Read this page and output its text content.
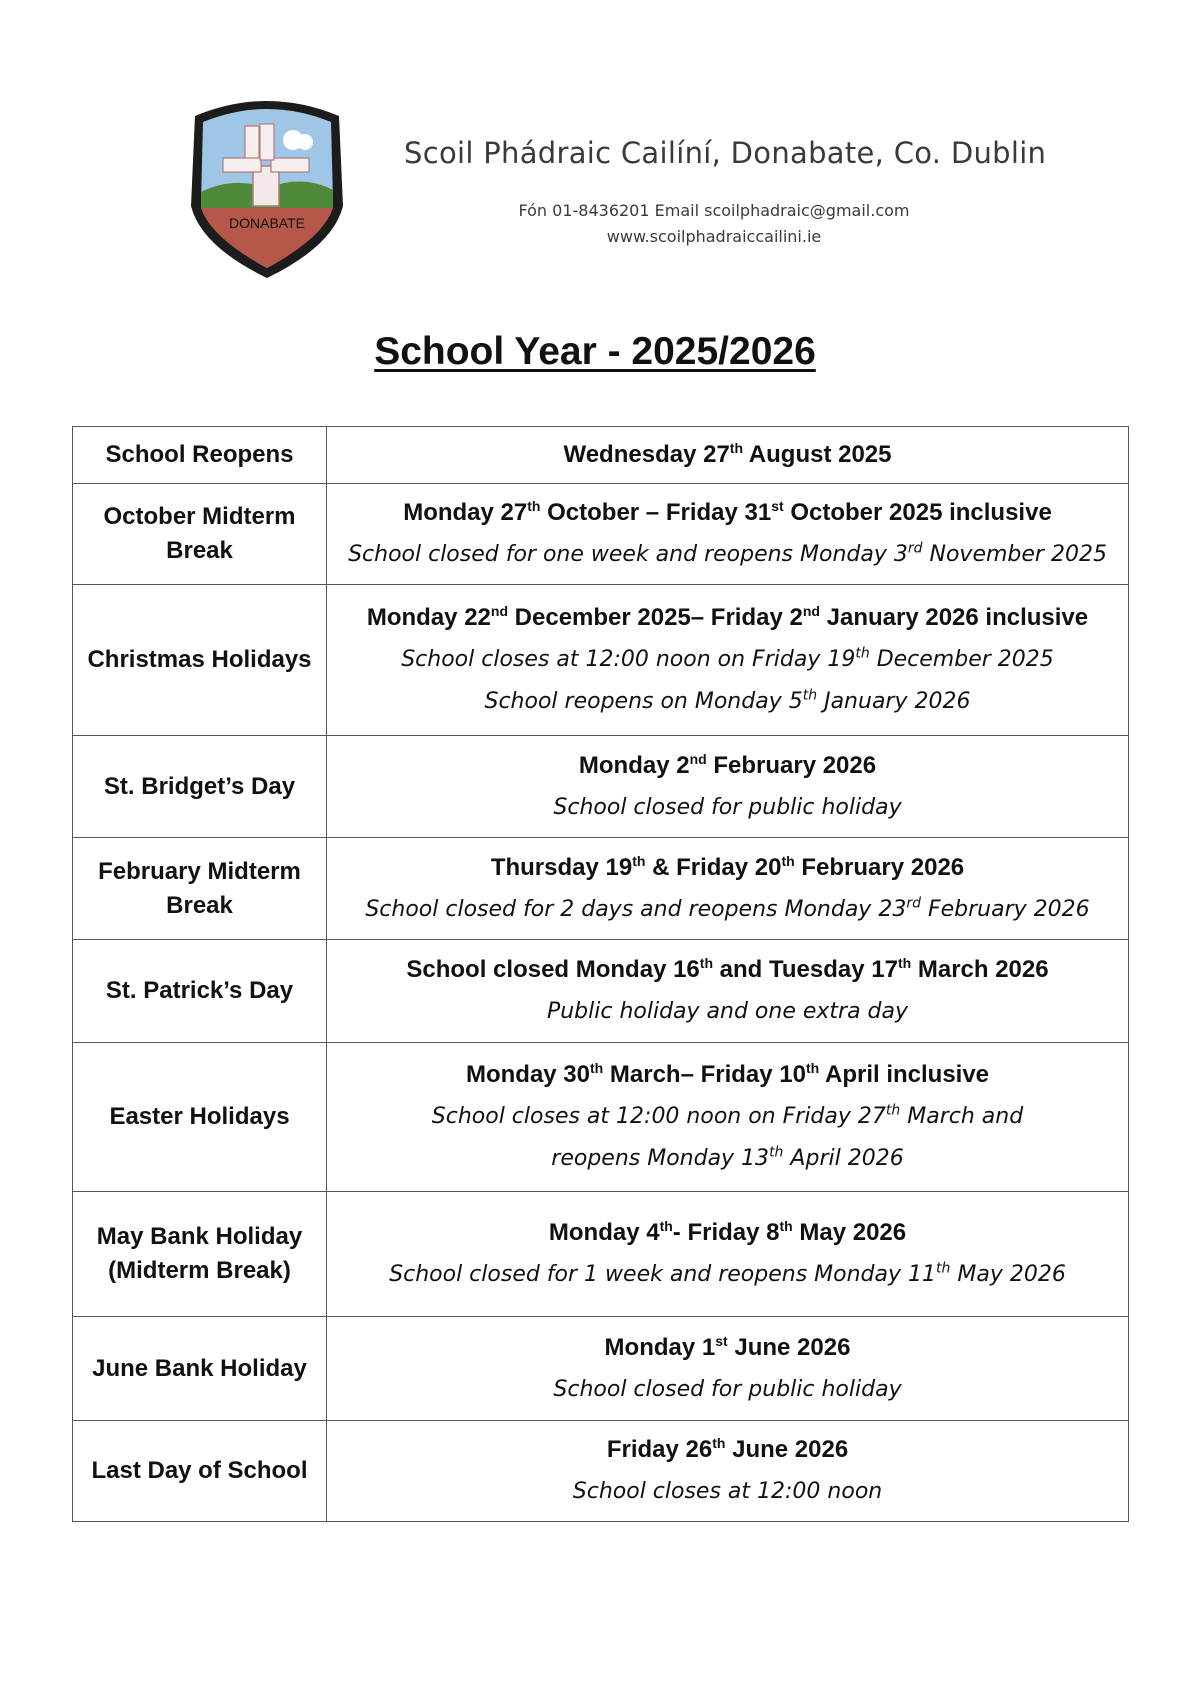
DONABATE
Scoil Phádraic Cailíní, Donabate, Co. Dublin
Fón 01-8436201 Email scoilphadraic@gmail.com
www.scoilphadraiccailini.ie
School Year - 2025/2026
School Reopens	Wednesday 27th August 2025

October Midterm Break	Monday 27th October – Friday 31st October 2025 inclusive
School closed for one week and reopens Monday 3rd November 2025

Christmas Holidays	Monday 22nd December 2025– Friday 2nd January 2026 inclusive
School closes at 12:00 noon on Friday 19th December 2025
School reopens on Monday 5th January 2026

St. Bridget’s Day	Monday 2nd February 2026
School closed for public holiday

February Midterm Break	Thursday 19th & Friday 20th February 2026
School closed for 2 days and reopens Monday 23rd February 2026

St. Patrick’s Day	School closed Monday 16th and Tuesday 17th March 2026
Public holiday and one extra day

Easter Holidays	Monday 30th March– Friday 10th April inclusive
School closes at 12:00 noon on Friday 27th March and
reopens Monday 13th April 2026

May Bank Holiday (Midterm Break)	Monday 4th- Friday 8th May 2026
School closed for 1 week and reopens Monday 11th May 2026

June Bank Holiday	Monday 1st June 2026
School closed for public holiday

Last Day of School	Friday 26th June 2026
School closes at 12:00 noon
